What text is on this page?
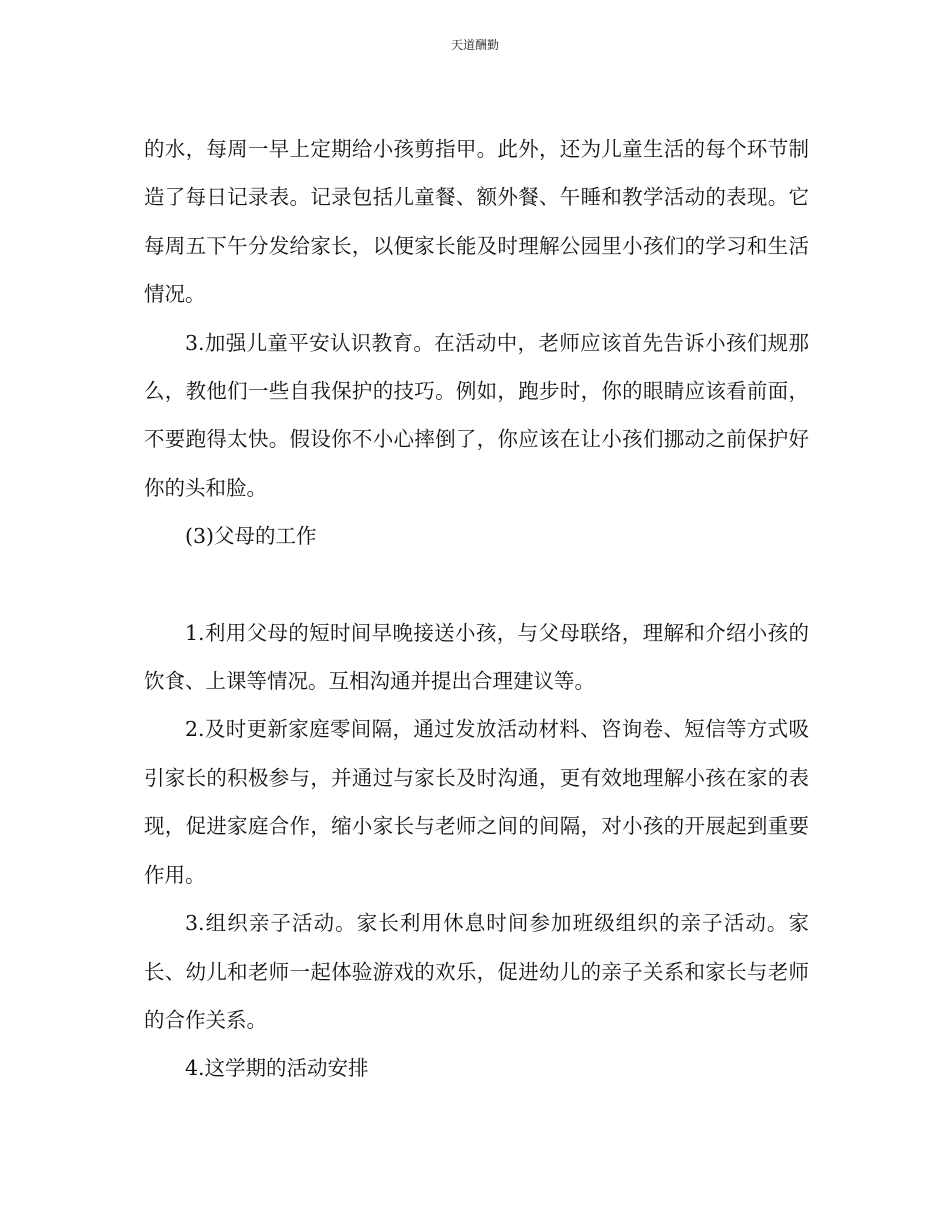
天道酬勤

的水，每周一早上定期给小孩剪指甲。此外，还为儿童生活的每个环节制造了每日记录表。记录包括儿童餐、额外餐、午睡和教学活动的表现。它每周五下午分发给家长，以便家长能及时理解公园里小孩们的学习和生活情况。

3.加强儿童平安认识教育。在活动中，老师应该首先告诉小孩们规那么，教他们一些自我保护的技巧。例如，跑步时，你的眼睛应该看前面，不要跑得太快。假设你不小心摔倒了，你应该在让小孩们挪动之前保护好你的头和脸。

(3)父母的工作

1.利用父母的短时间早晚接送小孩，与父母联络，理解和介绍小孩的饮食、上课等情况。互相沟通并提出合理建议等。

2.及时更新家庭零间隔，通过发放活动材料、咨询卷、短信等方式吸引家长的积极参与，并通过与家长及时沟通，更有效地理解小孩在家的表现，促进家庭合作，缩小家长与老师之间的间隔，对小孩的开展起到重要作用。

3.组织亲子活动。家长利用休息时间参加班级组织的亲子活动。家长、幼儿和老师一起体验游戏的欢乐，促进幼儿的亲子关系和家长与老师的合作关系。

4.这学期的活动安排
